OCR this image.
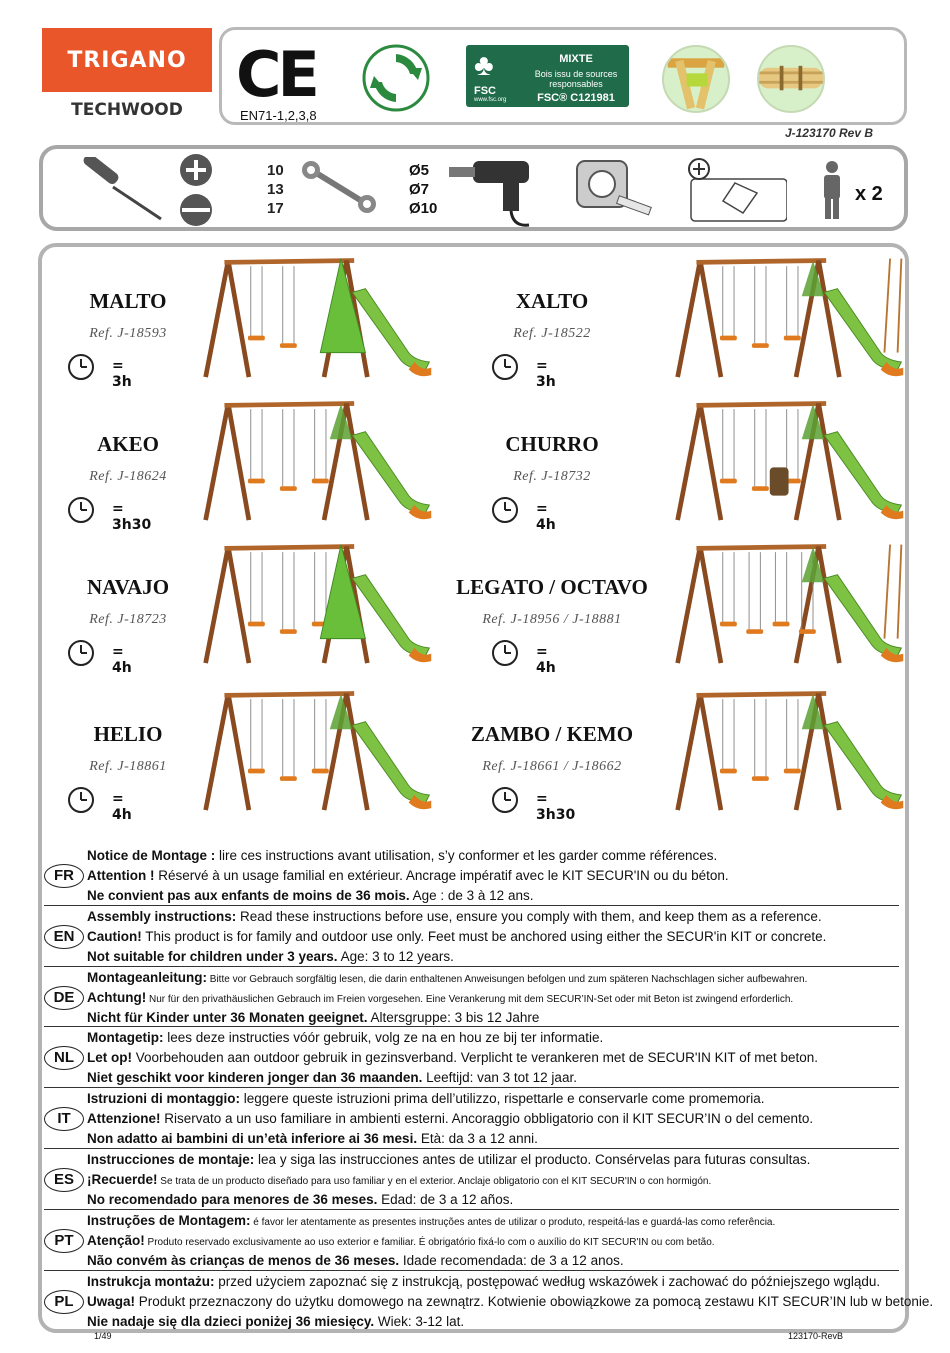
TRIGANO
TECHWOOD CE
EN71-1,2,3,8
♣
FSC
www.fsc.org
MIXTE
Bois issu de sources responsables
FSC® C121981
J-123170 Rev B
10
13
17
Ø5
Ø7
Ø10
x 2
MALTO
Ref. J-18593
= 3h
XALTO
Ref. J-18522
= 3h
AKEO
Ref. J-18624
= 3h30
CHURRO
Ref. J-18732
= 4h
NAVAJO
Ref. J-18723
= 4h
LEGATO / OCTAVO
Ref. J-18956 / J-18881
= 4h
HELIO
Ref. J-18861
= 4h
ZAMBO / KEMO
Ref. J-18661 / J-18662
= 3h30
FR
Notice de Montage : lire ces instructions avant utilisation, s’y conformer et les garder comme références.
Attention ! Réservé à un usage familial en extérieur. Ancrage impératif avec le KIT SECUR'IN ou du béton.
Ne convient pas aux enfants de moins de 36 mois. Age : de 3 à 12 ans.
EN
Assembly instructions: Read these instructions before use, ensure you comply with them, and keep them as a reference.
Caution! This product is for family and outdoor use only. Feet must be anchored using either the SECUR'in KIT or concrete.
Not suitable for children under 3 years. Age: 3 to 12 years.
DE
Montageanleitung: Bitte vor Gebrauch sorgfältig lesen, die darin enthaltenen Anweisungen befolgen und zum späteren Nachschlagen sicher aufbewahren.
Achtung! Nur für den privathäuslichen Gebrauch im Freien vorgesehen. Eine Verankerung mit dem SECUR’IN-Set oder mit Beton ist zwingend erforderlich.
Nicht für Kinder unter 36 Monaten geeignet. Altersgruppe: 3 bis 12 Jahre
NL
Montagetip: lees deze instructies vóór gebruik, volg ze na en hou ze bij ter informatie.
Let op! Voorbehouden aan outdoor gebruik in gezinsverband. Verplicht te verankeren met de SECUR'IN KIT of met beton.
Niet geschikt voor kinderen jonger dan 36 maanden. Leeftijd: van 3 tot 12 jaar.
IT
Istruzioni di montaggio: leggere queste istruzioni prima dell’utilizzo, rispettarle e conservarle come promemoria.
Attenzione! Riservato a un uso familiare in ambienti esterni. Ancoraggio obbligatorio con il KIT SECUR’IN o del cemento.
Non adatto ai bambini di un’età inferiore ai 36 mesi. Età: da 3 a 12 anni.
ES
Instrucciones de montaje: lea y siga las instrucciones antes de utilizar el producto. Consérvelas para futuras consultas.
¡Recuerde! Se trata de un producto diseñado para uso familiar y en el exterior. Anclaje obligatorio con el KIT SECUR'IN o con hormigón.
No recomendado para menores de 36 meses. Edad: de 3 a 12 años.
PT
Instruções de Montagem: é favor ler atentamente as presentes instruções antes de utilizar o produto, respeitá-las e guardá-las como referência.
Atenção! Produto reservado exclusivamente ao uso exterior e familiar. É obrigatório fixá-lo com o auxílio do KIT SECUR'IN ou com betão.
Não convém às crianças de menos de 36 meses. Idade recomendada: de 3 a 12 anos.
PL
Instrukcja montażu: przed użyciem zapoznać się z instrukcją, postępować według wskazówek i zachować do późniejszego wglądu.
Uwaga! Produkt przeznaczony do użytku domowego na zewnątrz. Kotwienie obowiązkowe za pomocą zestawu KIT SECUR’IN lub w betonie.
Nie nadaje się dla dzieci poniżej 36 miesięcy. Wiek: 3-12 lat.
1/49	123170-RevB
